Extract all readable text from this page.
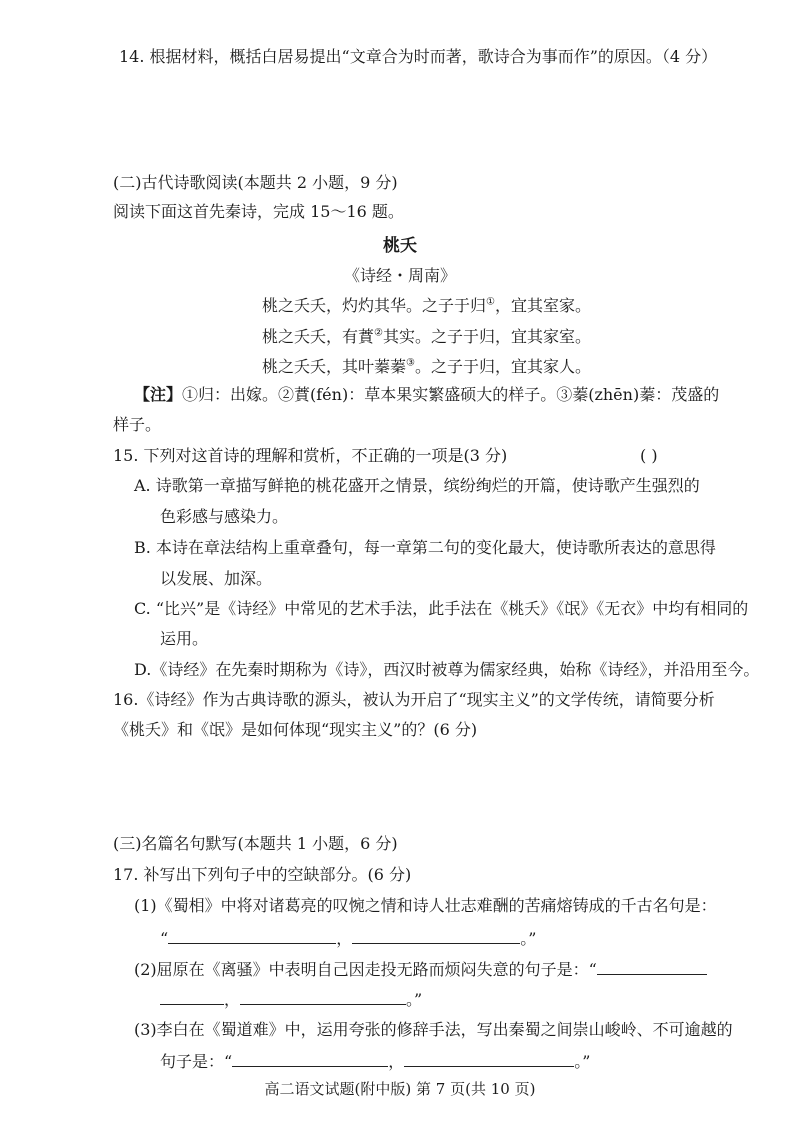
14. 根据材料，概括白居易提出“文章合为时而著，歌诗合为事而作”的原因。（4 分）
(二)古代诗歌阅读(本题共 2 小题，9 分)
阅读下面这首先秦诗，完成 15～16 题。
桃夭
《诗经・周南》
桃之夭夭，灼灼其华。之子于归①，宜其室家。
桃之夭夭，有蕡②其实。之子于归，宜其家室。
桃之夭夭，其叶蓁蓁③。之子于归，宜其家人。
【注】①归：出嫁。②蕡(fén)：草本果实繁盛硕大的样子。③蓁(zhēn)蓁：茂盛的
样子。
15. 下列对这首诗的理解和赏析，不正确的一项是(3 分)	( )
A. 诗歌第一章描写鲜艳的桃花盛开之情景，缤纷绚烂的开篇，使诗歌产生强烈的
色彩感与感染力。
B. 本诗在章法结构上重章叠句，每一章第二句的变化最大，使诗歌所表达的意思得
以发展、加深。
C. “比兴”是《诗经》中常见的艺术手法，此手法在《桃夭》《氓》《无衣》中均有相同的
运用。
D.《诗经》在先秦时期称为《诗》，西汉时被尊为儒家经典，始称《诗经》，并沿用至今。
16.《诗经》作为古典诗歌的源头，被认为开启了“现实主义”的文学传统，请简要分析
《桃夭》和《氓》是如何体现“现实主义”的？(6 分)
(三)名篇名句默写(本题共 1 小题，6 分)
17. 补写出下列句子中的空缺部分。(6 分)
(1)《蜀相》中将对诸葛亮的叹惋之情和诗人壮志难酬的苦痛熔铸成的千古名句是：
“	，	。”
(2)屈原在《离骚》中表明自己因走投无路而烦闷失意的句子是：“
，	。”
(3)李白在《蜀道难》中，运用夸张的修辞手法，写出秦蜀之间崇山峻岭、不可逾越的
句子是：“	，	。”
高二语文试题(附中版) 第 7 页(共 10 页)
